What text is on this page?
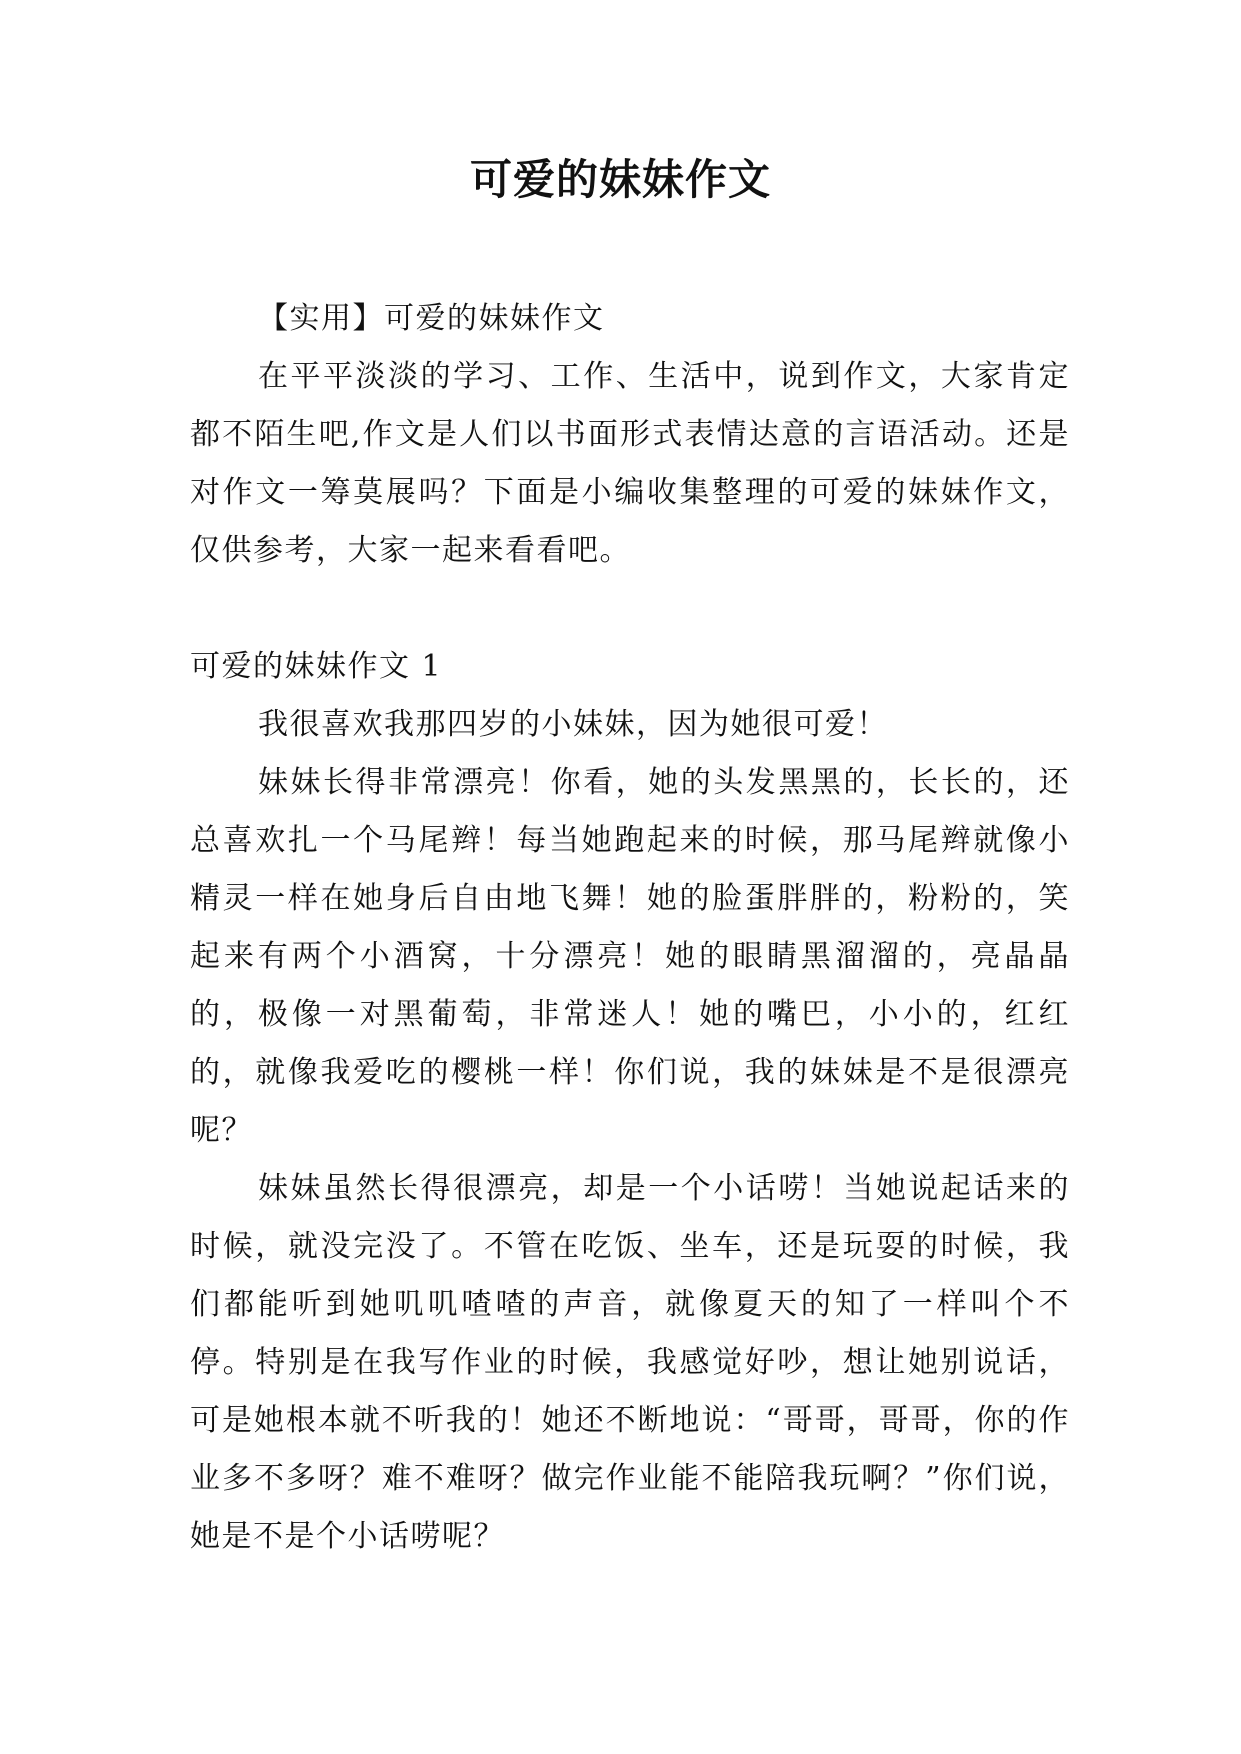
可爱的妹妹作文

【实用】可爱的妹妹作文

在平平淡淡的学习、工作、生活中，说到作文，大家肯定都不陌生吧,作文是人们以书面形式表情达意的言语活动。还是对作文一筹莫展吗？下面是小编收集整理的可爱的妹妹作文，仅供参考，大家一起来看看吧。

可爱的妹妹作文 1

我很喜欢我那四岁的小妹妹，因为她很可爱！

妹妹长得非常漂亮！你看，她的头发黑黑的，长长的，还总喜欢扎一个马尾辫！每当她跑起来的时候，那马尾辫就像小精灵一样在她身后自由地飞舞！她的脸蛋胖胖的，粉粉的，笑起来有两个小酒窝，十分漂亮！她的眼睛黑溜溜的，亮晶晶的，极像一对黑葡萄，非常迷人！她的嘴巴，小小的，红红的，就像我爱吃的樱桃一样！你们说，我的妹妹是不是很漂亮呢？

妹妹虽然长得很漂亮，却是一个小话唠！当她说起话来的时候，就没完没了。不管在吃饭、坐车，还是玩耍的时候，我们都能听到她叽叽喳喳的声音，就像夏天的知了一样叫个不停。特别是在我写作业的时候，我感觉好吵，想让她别说话，可是她根本就不听我的！她还不断地说：“哥哥，哥哥，你的作业多不多呀？难不难呀？做完作业能不能陪我玩啊？”你们说，她是不是个小话唠呢？
